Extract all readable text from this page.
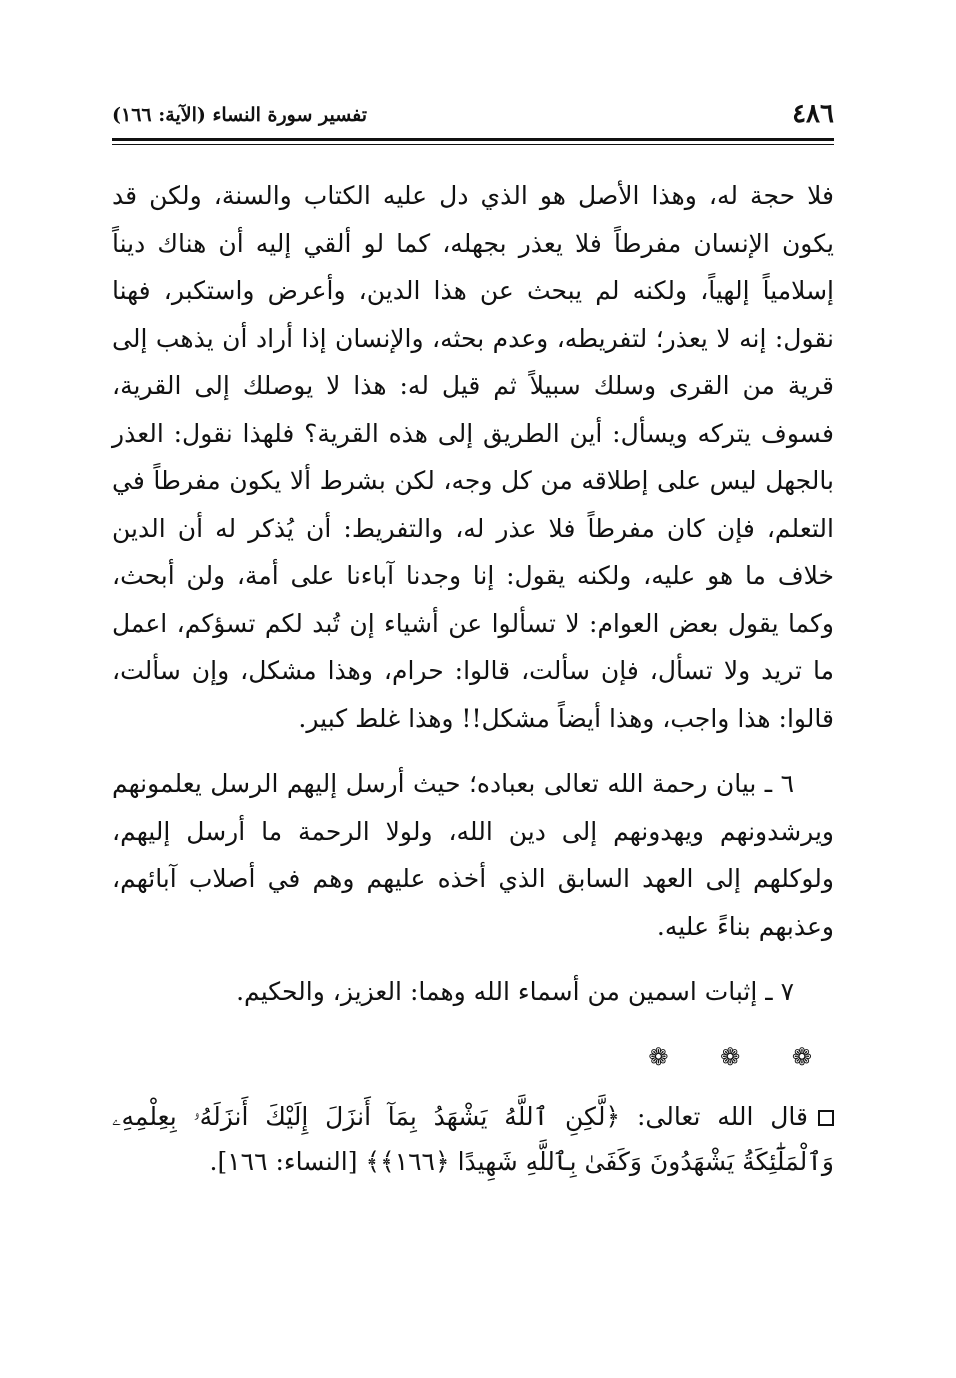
٤٨٦
تفسير سورة النساء (الآية: ١٦٦)

فلا حجة له، وهذا الأصل هو الذي دل عليه الكتاب والسنة، ولكن قد يكون الإنسان مفرطاً فلا يعذر بجهله، كما لو ألقي إليه أن هناك ديناً إسلامياً إلهياً، ولكنه لم يبحث عن هذا الدين، وأعرض واستكبر، فهنا نقول: إنه لا يعذر؛ لتفريطه، وعدم بحثه، والإنسان إذا أراد أن يذهب إلى قرية من القرى وسلك سبيلاً ثم قيل له: هذا لا يوصلك إلى القرية، فسوف يتركه ويسأل: أين الطريق إلى هذه القرية؟ فلهذا نقول: العذر بالجهل ليس على إطلاقه من كل وجه، لكن بشرط ألا يكون مفرطاً في التعلم، فإن كان مفرطاً فلا عذر له، والتفريط: أن يُذكر له أن الدين خلاف ما هو عليه، ولكنه يقول: إنا وجدنا آباءنا على أمة، ولن أبحث، وكما يقول بعض العوام: لا تسألوا عن أشياء إن تُبد لكم تسؤكم، اعمل ما تريد ولا تسأل، فإن سألت، قالوا: حرام، وهذا مشكل، وإن سألت، قالوا: هذا واجب، وهذا أيضاً مشكل!! وهذا غلط كبير.

٦ ـ بيان رحمة الله تعالى بعباده؛ حيث أرسل إليهم الرسل يعلمونهم ويرشدونهم ويهدونهم إلى دين الله، ولولا الرحمة ما أرسل إليهم، ولوكلهم إلى العهد السابق الذي أخذه عليهم وهم في أصلاب آبائهم، وعذبهم بناءً عليه.

٧ ـ إثبات اسمين من أسماء الله وهما: العزيز، والحكيم.

❁ ❁ ❁

قال الله تعالى: ﴿لَّكِنِ ٱللَّهُ يَشْهَدُ بِمَآ أَنزَلَ إِلَيْكَ أَنزَلَهُۥ بِعِلْمِهِۦ وَٱلْمَلَٰٓئِكَةُ يَشْهَدُونَ وَكَفَىٰ بِٱللَّهِ شَهِيدًا ﴿١٦٦﴾﴾ [النساء: ١٦٦].
